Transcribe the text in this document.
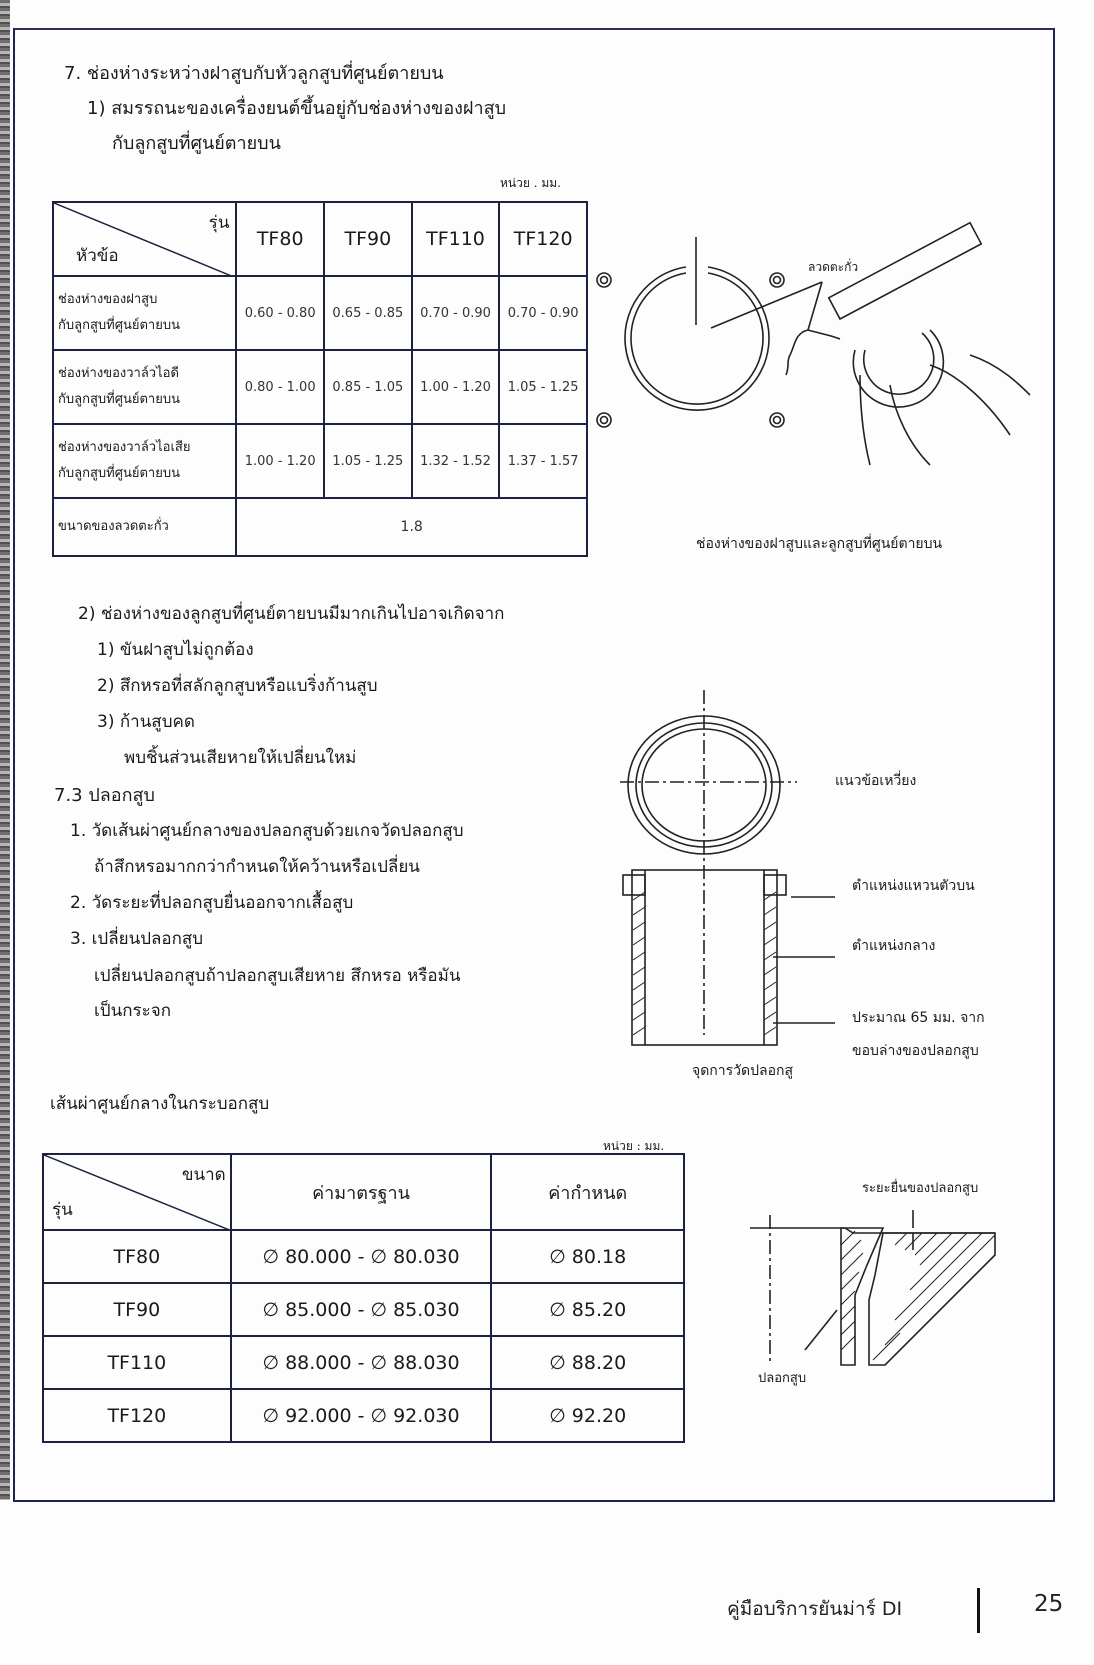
7. ช่องห่างระหว่างฝาสูบกับหัวลูกสูบที่ศูนย์ตายบน
1) สมรรถนะของเครื่องยนต์ขึ้นอยู่กับช่องห่างของฝาสูบ
กับลูกสูบที่ศูนย์ตายบน
หน่วย . มม.
รุ่น
หัวข้อ	TF80	TF90	TF110	TF120

ช่องห่างของฝาสูบ
กับลูกสูบที่ศูนย์ตายบน	0.60 - 0.80	0.65 - 0.85	0.70 - 0.90	0.70 - 0.90

ช่องห่างของวาล์วไอดี
กับลูกสูบที่ศูนย์ตายบน	0.80 - 1.00	0.85 - 1.05	1.00 - 1.20	1.05 - 1.25

ช่องห่างของวาล์วไอเสีย
กับลูกสูบที่ศูนย์ตายบน	1.00 - 1.20	1.05 - 1.25	1.32 - 1.52	1.37 - 1.57
ขนาดของลวดตะกั่ว	1.8			
ลวดตะกั่ว
ช่องห่างของฝาสูบและลูกสูบที่ศูนย์ตายบน
2) ช่องห่างของลูกสูบที่ศูนย์ตายบนมีมากเกินไปอาจเกิดจาก
1) ขันฝาสูบไม่ถูกต้อง
2) สึกหรอที่สลักลูกสูบหรือแบริ่งก้านสูบ
3) ก้านสูบคด
พบชิ้นส่วนเสียหายให้เปลี่ยนใหม่
7.3 ปลอกสูบ
1. วัดเส้นผ่าศูนย์กลางของปลอกสูบด้วยเกจวัดปลอกสูบ
ถ้าสึกหรอมากกว่ากำหนดให้คว้านหรือเปลี่ยน
2. วัดระยะที่ปลอกสูบยื่นออกจากเสื้อสูบ
3. เปลี่ยนปลอกสูบ
เปลี่ยนปลอกสูบถ้าปลอกสูบเสียหาย สึกหรอ หรือมัน
เป็นกระจก
แนวข้อเหวี่ยง
ตำแหน่งแหวนตัวบน
ตำแหน่งกลาง
ประมาณ 65 มม. จาก
ขอบล่างของปลอกสูบ
จุดการวัดปลอกสู
เส้นผ่าศูนย์กลางในกระบอกสูบ
หน่วย : มม.
ขนาด
รุ่น	ค่ามาตรฐาน	ค่ากำหนด
TF80	∅ 80.000 - ∅ 80.030	∅ 80.18
TF90	∅ 85.000 - ∅ 85.030	∅ 85.20
TF110	∅ 88.000 - ∅ 88.030	∅ 88.20
TF120	∅ 92.000 - ∅ 92.030	∅ 92.20
ระยะยื่นของปลอกสูบ
ปลอกสูบ
คู่มือบริการยันม่าร์ DI	25
